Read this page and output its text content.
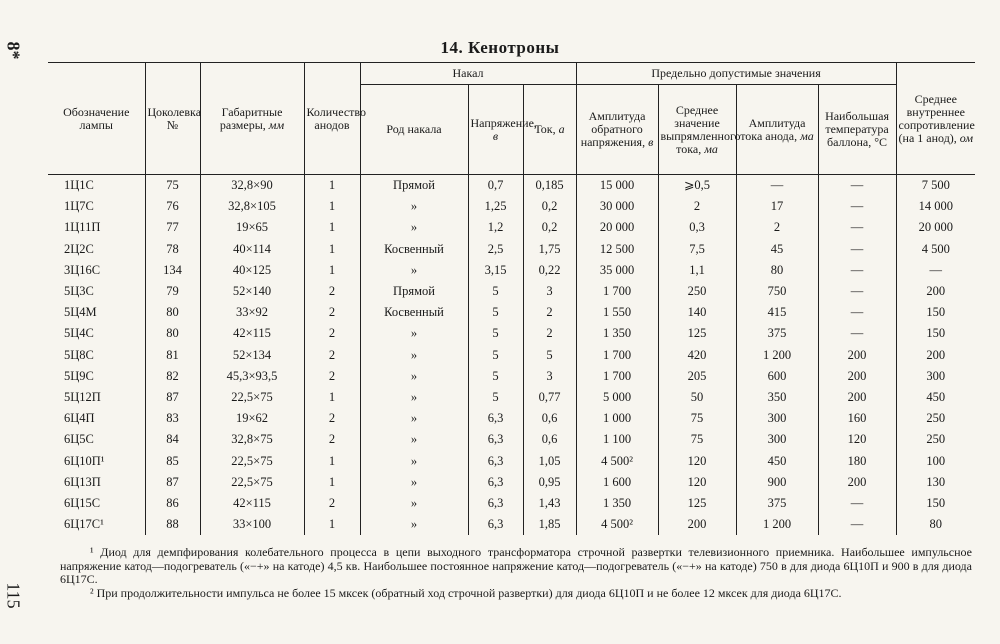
8*
115
14. Кенотроны
Обозначение лампы	Цоколевка №	Габаритные размеры, мм	Количество анодов	Накал			Предельно допустимые значения				Среднее внутреннее сопротивление (на 1 анод), ом
				Род накала	Напряжение, в	Ток, а	Амплитуда обратного напряжения, в	Среднее значение выпрямленного тока, ма	Амплитуда тока анода, ма	Наибольшая температура баллона, °С	
1Ц1С	75	32,8×90	1	Прямой	0,7	0,185	15 000	⩾0,5	—	—	7 500
1Ц7С	76	32,8×105	1	»	1,25	0,2	30 000	2	17	—	14 000
1Ц11П	77	19×65	1	»	1,2	0,2	20 000	0,3	2	—	20 000
2Ц2С	78	40×114	1	Косвенный	2,5	1,75	12 500	7,5	45	—	4 500
3Ц16С	134	40×125	1	»	3,15	0,22	35 000	1,1	80	—	—
5Ц3С	79	52×140	2	Прямой	5	3	1 700	250	750	—	200
5Ц4М	80	33×92	2	Косвенный	5	2	1 550	140	415	—	150
5Ц4С	80	42×115	2	»	5	2	1 350	125	375	—	150
5Ц8С	81	52×134	2	»	5	5	1 700	420	1 200	200	200
5Ц9С	82	45,3×93,5	2	»	5	3	1 700	205	600	200	300
5Ц12П	87	22,5×75	1	»	5	0,77	5 000	50	350	200	450
6Ц4П	83	19×62	2	»	6,3	0,6	1 000	75	300	160	250
6Ц5С	84	32,8×75	2	»	6,3	0,6	1 100	75	300	120	250
6Ц10П¹	85	22,5×75	1	»	6,3	1,05	4 500²	120	450	180	100
6Ц13П	87	22,5×75	1	»	6,3	0,95	1 600	120	900	200	130
6Ц15С	86	42×115	2	»	6,3	1,43	1 350	125	375	—	150
6Ц17С¹	88	33×100	1	»	6,3	1,85	4 500²	200	1 200	—	80

¹ Диод для демпфирования колебательного процесса в цепи выходного трансформатора строчной развертки телевизионного приемника. Наибольшее импульсное напряжение катод—подогреватель («−+» на катоде) 4,5 кв. Наибольшее постоянное напряжение катод—подогреватель («−+» на катоде) 750 в для диода 6Ц10П и 900 в для диода 6Ц17С.

² При продолжительности импульса не более 15 мксек (обратный ход строчной развертки) для диода 6Ц10П и не более 12 мксек для диода 6Ц17С.
